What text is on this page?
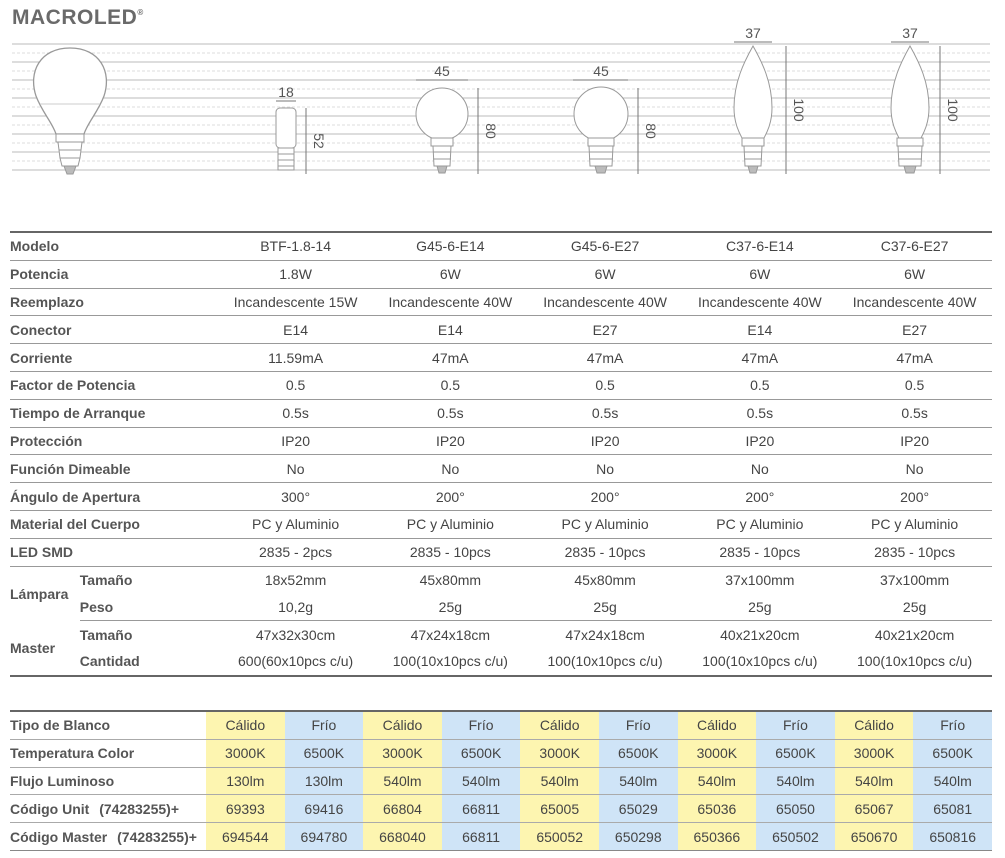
MACROLED®
18
52
45
80
45
80
37
100
37
100
Modelo		BTF-1.8-14	G45-6-E14	G45-6-E27	C37-6-E14	C37-6-E27
Potencia		1.8W	6W	6W	6W	6W
Reemplazo		Incandescente 15W	Incandescente 40W	Incandescente 40W	Incandescente 40W	Incandescente 40W
Conector		E14	E14	E27	E14	E27
Corriente		11.59mA	47mA	47mA	47mA	47mA
Factor de Potencia		0.5	0.5	0.5	0.5	0.5
Tiempo de Arranque		0.5s	0.5s	0.5s	0.5s	0.5s
Protección		IP20	IP20	IP20	IP20	IP20
Función Dimeable		No	No	No	No	No
Ángulo de Apertura		300°	200°	200°	200°	200°
Material del Cuerpo		PC y Aluminio	PC y Aluminio	PC y Aluminio	PC y Aluminio	PC y Aluminio
LED SMD		2835 - 2pcs	2835 - 10pcs	2835 - 10pcs	2835 - 10pcs	2835 - 10pcs
Lámpara	Tamaño	18x52mm	45x80mm	45x80mm	37x100mm	37x100mm
	Peso	10,2g	25g	25g	25g	25g
Master	Tamaño	47x32x30cm	47x24x18cm	47x24x18cm	40x21x20cm	40x21x20cm
	Cantidad	600(60x10pcs c/u)	100(10x10pcs c/u)	100(10x10pcs c/u)	100(10x10pcs c/u)	100(10x10pcs c/u)
Tipo de Blanco	Cálido	Frío	Cálido	Frío	Cálido	Frío	Cálido	Frío	Cálido	Frío
Temperatura Color	3000K	6500K	3000K	6500K	3000K	6500K	3000K	6500K	3000K	6500K
Flujo Luminoso	130lm	130lm	540lm	540lm	540lm	540lm	540lm	540lm	540lm	540lm
Código Unit (74283255)+	69393	69416	66804	66811	65005	65029	65036	65050	65067	65081
Código Master (74283255)+	694544	694780	668040	66811	650052	650298	650366	650502	650670	650816
